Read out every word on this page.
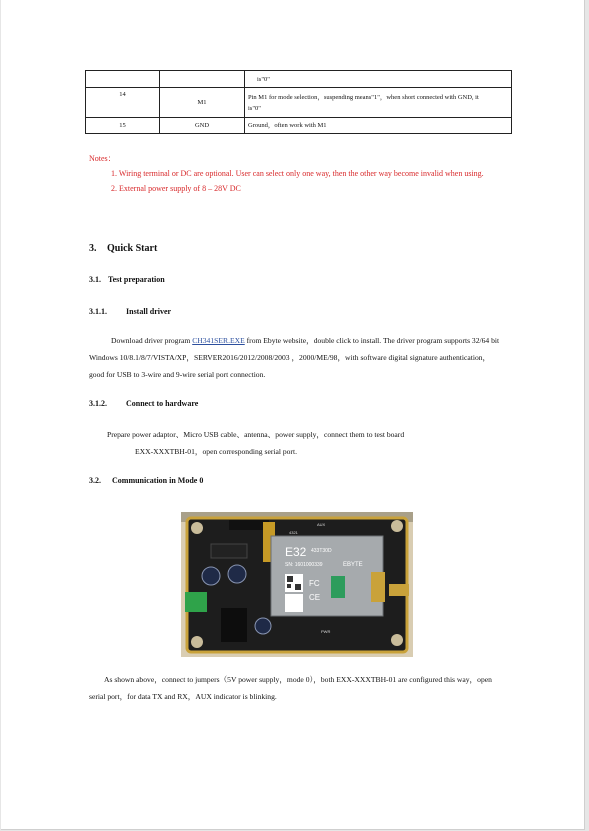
		is"0"
14	M1	Pin M1 for mode selection，suspending means"1"，when short connected with GND, it
is"0"

15	GND	Ground，often work with M1

Notes：

1. Wiring terminal or DC are optional. User can select only one way, then the other way become invalid when using.

2. External power supply of 8 – 28V DC

3. Quick Start
3.1. Test preparation
3.1.1. Install driver

Download driver program CH341SER.EXE from Ebyte website，double click to install. The driver program supports 32/64 bit Windows 10/8.1/8/7/VISTA/XP，SERVER2016/2012/2008/2003 ，2000/ME/98，with software digital signature authentication，good for USB to 3-wire and 9-wire serial port connection.

3.1.2. Connect to hardware

Prepare power adaptor、Micro USB cable、antenna、power supply，connect them to test board

EXX-XXXTBH-01，open corresponding serial port.

3.2. Communication in Mode 0
E32 433T30D
SN: 1601000339	EBYTE
FC
CE
4321
AUX
PWR

As shown above，connect to jumpers（5V power supply，mode 0），both EXX-XXXTBH-01 are configured this way，open serial port，for data TX and RX，AUX indicator is blinking.
